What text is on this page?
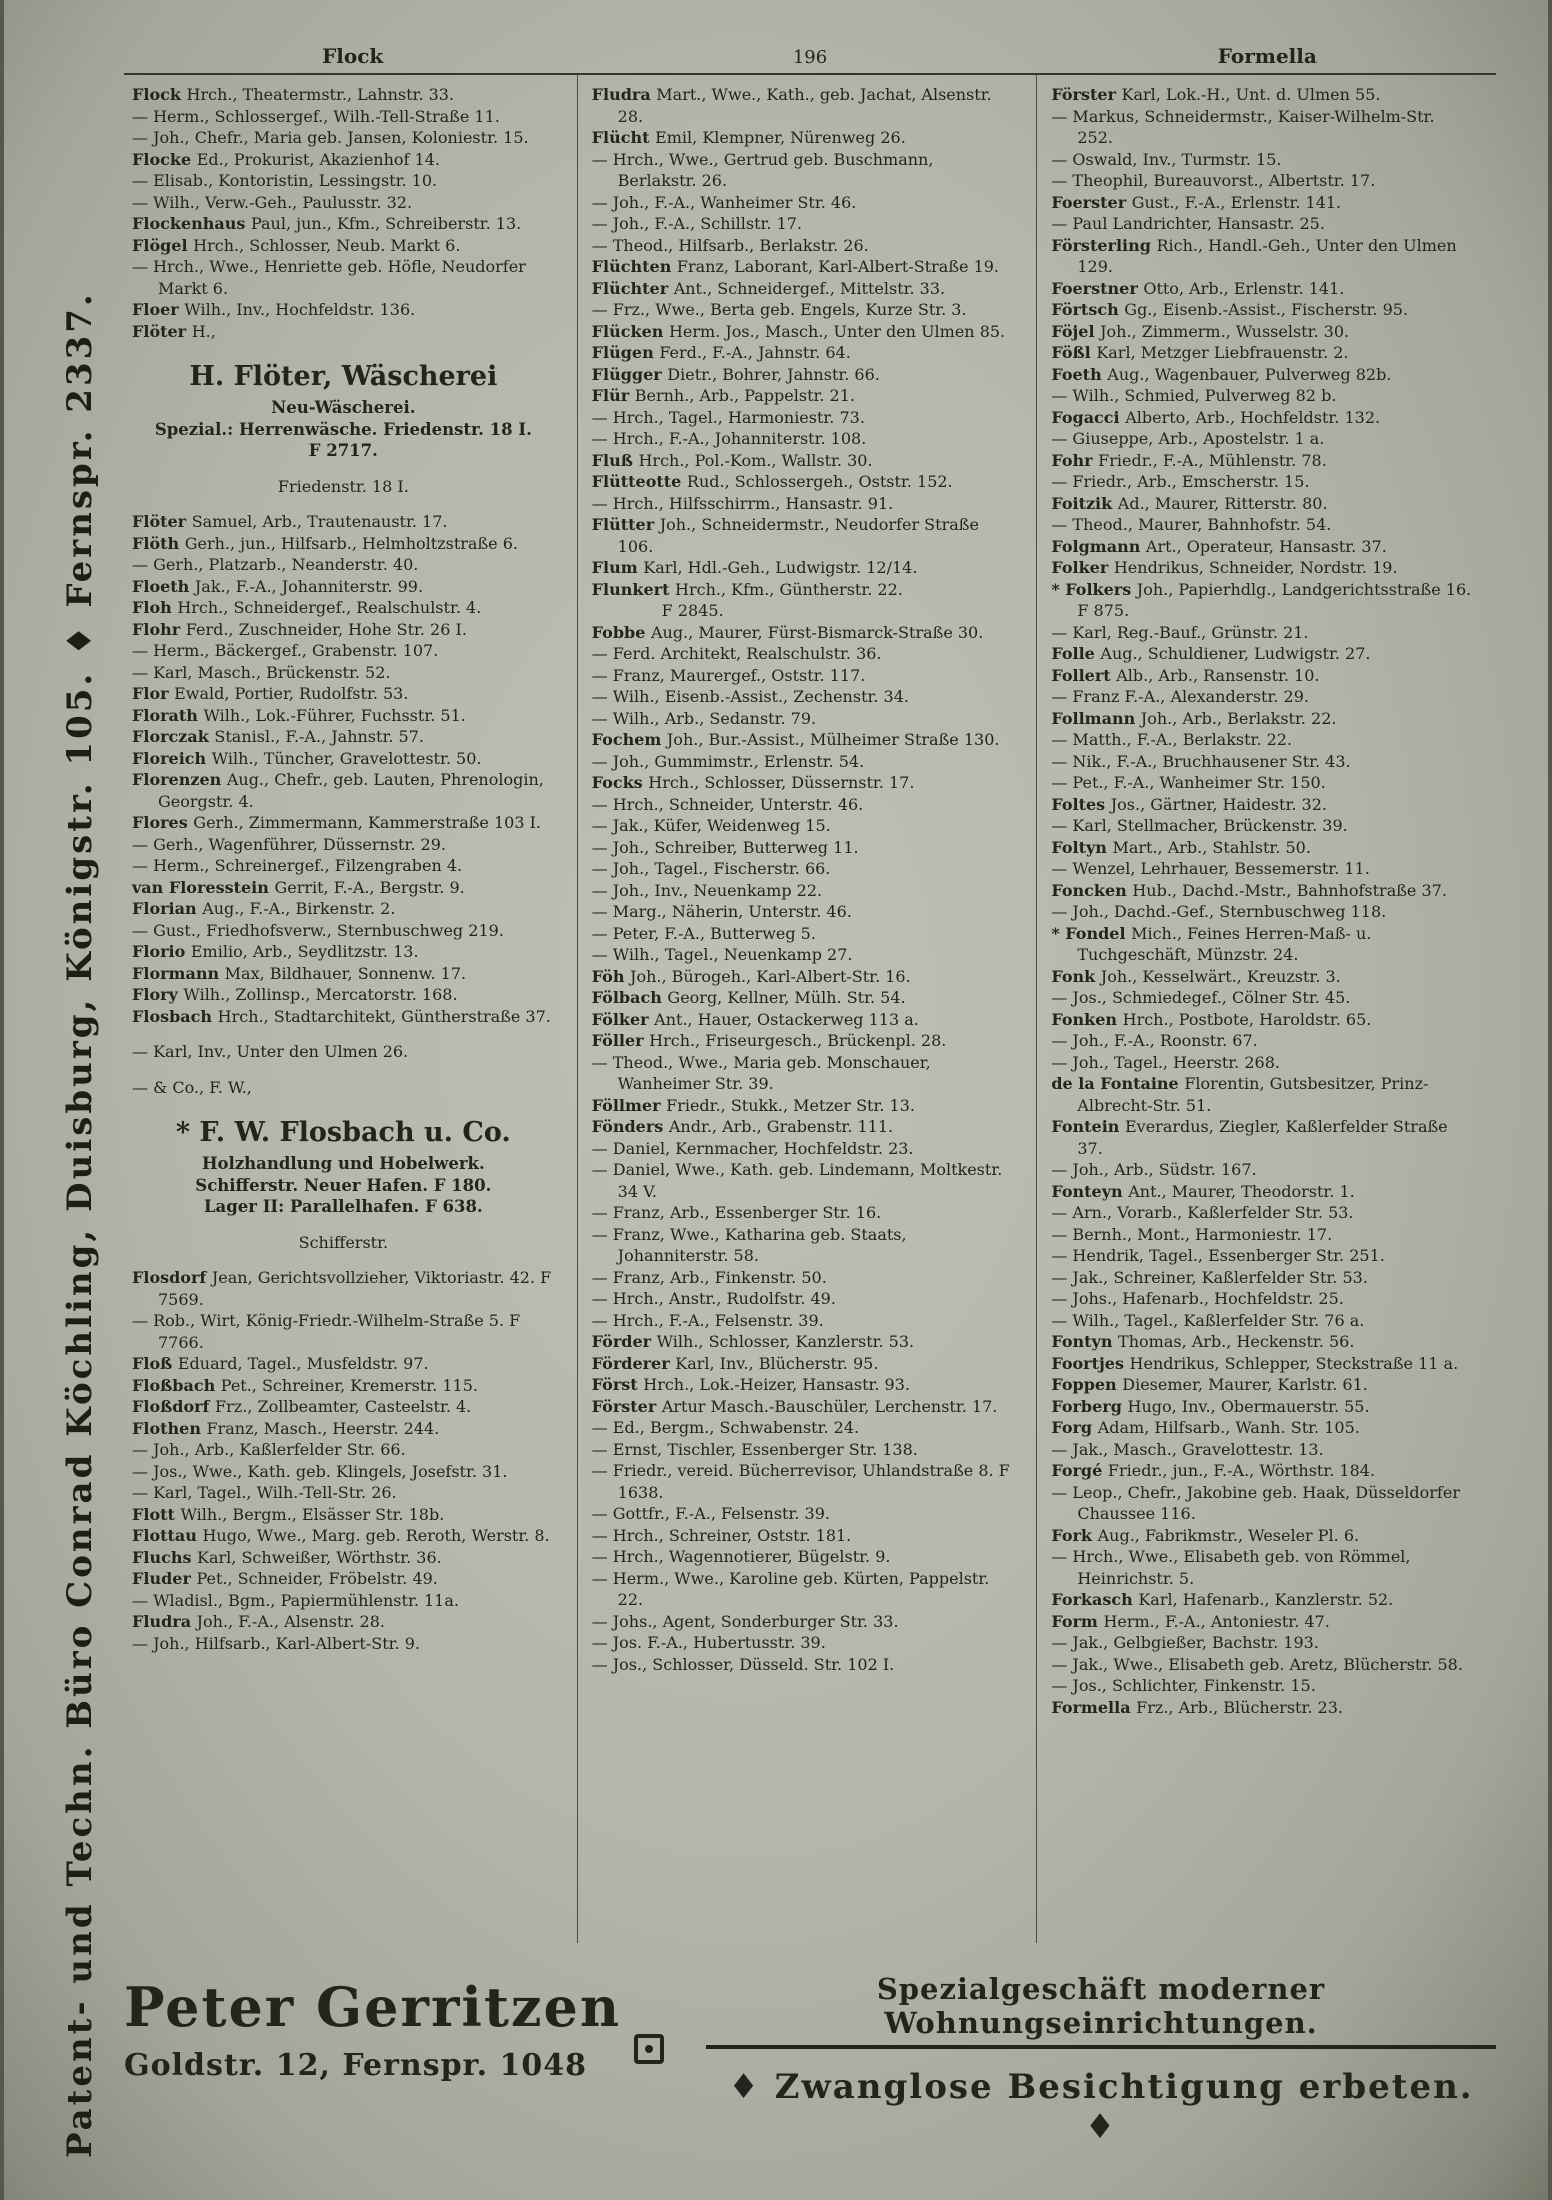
Patent- und Techn. Büro Conrad Köchling, Duisburg, Königstr. 105. ♦ Fernspr. 2337.
Flock	196	Formella
Flock Hrch., Theatermstr., Lahnstr. 33.
— Herm., Schlossergef., Wilh.-Tell-Straße 11.
— Joh., Chefr., Maria geb. Jansen, Koloniestr. 15.
Flocke Ed., Prokurist, Akazienhof 14.
— Elisab., Kontoristin, Lessingstr. 10.
— Wilh., Verw.-Geh., Paulusstr. 32.
Flockenhaus Paul, jun., Kfm., Schreiberstr. 13.
Flögel Hrch., Schlosser, Neub. Markt 6.
— Hrch., Wwe., Henriette geb. Höfle, Neudorfer Markt 6.
Floer Wilh., Inv., Hochfeldstr. 136.
Flöter H.,
H. Flöter, Wäscherei
Neu-Wäscherei.
Spezial.: Herrenwäsche. Friedenstr. 18 I.
F 2717.
Friedenstr. 18 I.
Flöter Samuel, Arb., Trautenaustr. 17.
Flöth Gerh., jun., Hilfsarb., Helmholtzstraße 6.
— Gerh., Platzarb., Neanderstr. 40.
Floeth Jak., F.-A., Johanniterstr. 99.
Floh Hrch., Schneidergef., Realschulstr. 4.
Flohr Ferd., Zuschneider, Hohe Str. 26 I.
— Herm., Bäckergef., Grabenstr. 107.
— Karl, Masch., Brückenstr. 52.
Flor Ewald, Portier, Rudolfstr. 53.
Florath Wilh., Lok.-Führer, Fuchsstr. 51.
Florczak Stanisl., F.-A., Jahnstr. 57.
Floreich Wilh., Tüncher, Gravelottestr. 50.
Florenzen Aug., Chefr., geb. Lauten, Phrenologin, Georgstr. 4.
Flores Gerh., Zimmermann, Kammerstraße 103 I.
— Gerh., Wagenführer, Düssernstr. 29.
— Herm., Schreinergef., Filzengraben 4.
van Floresstein Gerrit, F.-A., Bergstr. 9.
Florian Aug., F.-A., Birkenstr. 2.
— Gust., Friedhofsverw., Sternbuschweg 219.
Florio Emilio, Arb., Seydlitzstr. 13.
Flormann Max, Bildhauer, Sonnenw. 17.
Flory Wilh., Zollinsp., Mercatorstr. 168.
Flosbach Hrch., Stadtarchitekt, Güntherstraße 37.
— Karl, Inv., Unter den Ulmen 26.
— & Co., F. W.,
* F. W. Flosbach u. Co.
Holzhandlung und Hobelwerk.
Schifferstr. Neuer Hafen. F 180.
Lager II: Parallelhafen. F 638.
Schifferstr.
Flosdorf Jean, Gerichtsvollzieher, Viktoriastr. 42. F 7569.
— Rob., Wirt, König-Friedr.-Wilhelm-Straße 5. F 7766.
Floß Eduard, Tagel., Musfeldstr. 97.
Floßbach Pet., Schreiner, Kremerstr. 115.
Floßdorf Frz., Zollbeamter, Casteelstr. 4.
Flothen Franz, Masch., Heerstr. 244.
— Joh., Arb., Kaßlerfelder Str. 66.
— Jos., Wwe., Kath. geb. Klingels, Josefstr. 31.
— Karl, Tagel., Wilh.-Tell-Str. 26.
Flott Wilh., Bergm., Elsässer Str. 18b.
Flottau Hugo, Wwe., Marg. geb. Reroth, Werstr. 8.
Fluchs Karl, Schweißer, Wörthstr. 36.
Fluder Pet., Schneider, Fröbelstr. 49.
— Wladisl., Bgm., Papiermühlenstr. 11a.
Fludra Joh., F.-A., Alsenstr. 28.
— Joh., Hilfsarb., Karl-Albert-Str. 9.
Fludra Mart., Wwe., Kath., geb. Jachat, Alsenstr. 28.
Flücht Emil, Klempner, Nürenweg 26.
— Hrch., Wwe., Gertrud geb. Buschmann, Berlakstr. 26.
— Joh., F.-A., Wanheimer Str. 46.
— Joh., F.-A., Schillstr. 17.
— Theod., Hilfsarb., Berlakstr. 26.
Flüchten Franz, Laborant, Karl-Albert-Straße 19.
Flüchter Ant., Schneidergef., Mittelstr. 33.
— Frz., Wwe., Berta geb. Engels, Kurze Str. 3.
Flücken Herm. Jos., Masch., Unter den Ulmen 85.
Flügen Ferd., F.-A., Jahnstr. 64.
Flügger Dietr., Bohrer, Jahnstr. 66.
Flür Bernh., Arb., Pappelstr. 21.
— Hrch., Tagel., Harmoniestr. 73.
— Hrch., F.-A., Johanniterstr. 108.
Fluß Hrch., Pol.-Kom., Wallstr. 30.
Flütteotte Rud., Schlossergeh., Oststr. 152.
— Hrch., Hilfsschirrm., Hansastr. 91.
Flütter Joh., Schneidermstr., Neudorfer Straße 106.
Flum Karl, Hdl.-Geh., Ludwigstr. 12/14.
Flunkert Hrch., Kfm., Güntherstr. 22.
F 2845.
Fobbe Aug., Maurer, Fürst-Bismarck-Straße 30.
— Ferd. Architekt, Realschulstr. 36.
— Franz, Maurergef., Oststr. 117.
— Wilh., Eisenb.-Assist., Zechenstr. 34.
— Wilh., Arb., Sedanstr. 79.
Fochem Joh., Bur.-Assist., Mülheimer Straße 130.
— Joh., Gummimstr., Erlenstr. 54.
Focks Hrch., Schlosser, Düssernstr. 17.
— Hrch., Schneider, Unterstr. 46.
— Jak., Küfer, Weidenweg 15.
— Joh., Schreiber, Butterweg 11.
— Joh., Tagel., Fischerstr. 66.
— Joh., Inv., Neuenkamp 22.
— Marg., Näherin, Unterstr. 46.
— Peter, F.-A., Butterweg 5.
— Wilh., Tagel., Neuenkamp 27.
Föh Joh., Bürogeh., Karl-Albert-Str. 16.
Fölbach Georg, Kellner, Mülh. Str. 54.
Fölker Ant., Hauer, Ostackerweg 113 a.
Föller Hrch., Friseurgesch., Brückenpl. 28.
— Theod., Wwe., Maria geb. Monschauer, Wanheimer Str. 39.
Föllmer Friedr., Stukk., Metzer Str. 13.
Fönders Andr., Arb., Grabenstr. 111.
— Daniel, Kernmacher, Hochfeldstr. 23.
— Daniel, Wwe., Kath. geb. Lindemann, Moltkestr. 34 V.
— Franz, Arb., Essenberger Str. 16.
— Franz, Wwe., Katharina geb. Staats, Johanniterstr. 58.
— Franz, Arb., Finkenstr. 50.
— Hrch., Anstr., Rudolfstr. 49.
— Hrch., F.-A., Felsenstr. 39.
Förder Wilh., Schlosser, Kanzlerstr. 53.
Förderer Karl, Inv., Blücherstr. 95.
Först Hrch., Lok.-Heizer, Hansastr. 93.
Förster Artur Masch.-Bauschüler, Lerchenstr. 17.
— Ed., Bergm., Schwabenstr. 24.
— Ernst, Tischler, Essenberger Str. 138.
— Friedr., vereid. Bücherrevisor, Uhlandstraße 8. F 1638.
— Gottfr., F.-A., Felsenstr. 39.
— Hrch., Schreiner, Oststr. 181.
— Hrch., Wagennotierer, Bügelstr. 9.
— Herm., Wwe., Karoline geb. Kürten, Pappelstr. 22.
— Johs., Agent, Sonderburger Str. 33.
— Jos. F.-A., Hubertusstr. 39.
— Jos., Schlosser, Düsseld. Str. 102 I.
Förster Karl, Lok.-H., Unt. d. Ulmen 55.
— Markus, Schneidermstr., Kaiser-Wilhelm-Str. 252.
— Oswald, Inv., Turmstr. 15.
— Theophil, Bureauvorst., Albertstr. 17.
Foerster Gust., F.-A., Erlenstr. 141.
— Paul Landrichter, Hansastr. 25.
Försterling Rich., Handl.-Geh., Unter den Ulmen 129.
Foerstner Otto, Arb., Erlenstr. 141.
Förtsch Gg., Eisenb.-Assist., Fischerstr. 95.
Föjel Joh., Zimmerm., Wusselstr. 30.
Fößl Karl, Metzger Liebfrauenstr. 2.
Foeth Aug., Wagenbauer, Pulverweg 82b.
— Wilh., Schmied, Pulverweg 82 b.
Fogacci Alberto, Arb., Hochfeldstr. 132.
— Giuseppe, Arb., Apostelstr. 1 a.
Fohr Friedr., F.-A., Mühlenstr. 78.
— Friedr., Arb., Emscherstr. 15.
Foitzik Ad., Maurer, Ritterstr. 80.
— Theod., Maurer, Bahnhofstr. 54.
Folgmann Art., Operateur, Hansastr. 37.
Folker Hendrikus, Schneider, Nordstr. 19.
* Folkers Joh., Papierhdlg., Landgerichtsstraße 16. F 875.
— Karl, Reg.-Bauf., Grünstr. 21.
Folle Aug., Schuldiener, Ludwigstr. 27.
Follert Alb., Arb., Ransenstr. 10.
— Franz F.-A., Alexanderstr. 29.
Follmann Joh., Arb., Berlakstr. 22.
— Matth., F.-A., Berlakstr. 22.
— Nik., F.-A., Bruchhausener Str. 43.
— Pet., F.-A., Wanheimer Str. 150.
Foltes Jos., Gärtner, Haidestr. 32.
— Karl, Stellmacher, Brückenstr. 39.
Foltyn Mart., Arb., Stahlstr. 50.
— Wenzel, Lehrhauer, Bessemerstr. 11.
Foncken Hub., Dachd.-Mstr., Bahnhofstraße 37.
— Joh., Dachd.-Gef., Sternbuschweg 118.
* Fondel Mich., Feines Herren-Maß- u. Tuchgeschäft, Münzstr. 24.
Fonk Joh., Kesselwärt., Kreuzstr. 3.
— Jos., Schmiedegef., Cölner Str. 45.
Fonken Hrch., Postbote, Haroldstr. 65.
— Joh., F.-A., Roonstr. 67.
— Joh., Tagel., Heerstr. 268.
de la Fontaine Florentin, Gutsbesitzer, Prinz-Albrecht-Str. 51.
Fontein Everardus, Ziegler, Kaßlerfelder Straße 37.
— Joh., Arb., Südstr. 167.
Fonteyn Ant., Maurer, Theodorstr. 1.
— Arn., Vorarb., Kaßlerfelder Str. 53.
— Bernh., Mont., Harmoniestr. 17.
— Hendrik, Tagel., Essenberger Str. 251.
— Jak., Schreiner, Kaßlerfelder Str. 53.
— Johs., Hafenarb., Hochfeldstr. 25.
— Wilh., Tagel., Kaßlerfelder Str. 76 a.
Fontyn Thomas, Arb., Heckenstr. 56.
Foortjes Hendrikus, Schlepper, Steckstraße 11 a.
Foppen Diesemer, Maurer, Karlstr. 61.
Forberg Hugo, Inv., Obermauerstr. 55.
Forg Adam, Hilfsarb., Wanh. Str. 105.
— Jak., Masch., Gravelottestr. 13.
Forgé Friedr., jun., F.-A., Wörthstr. 184.
— Leop., Chefr., Jakobine geb. Haak, Düsseldorfer Chaussee 116.
Fork Aug., Fabrikmstr., Weseler Pl. 6.
— Hrch., Wwe., Elisabeth geb. von Römmel, Heinrichstr. 5.
Forkasch Karl, Hafenarb., Kanzlerstr. 52.
Form Herm., F.-A., Antoniestr. 47.
— Jak., Gelbgießer, Bachstr. 193.
— Jak., Wwe., Elisabeth geb. Aretz, Blücherstr. 58.
— Jos., Schlichter, Finkenstr. 15.
Formella Frz., Arb., Blücherstr. 23.
Peter Gerritzen
Goldstr. 12, Fernspr. 1048
Spezialgeschäft moderner Wohnungseinrichtungen.
♦ Zwanglose Besichtigung erbeten. ♦
